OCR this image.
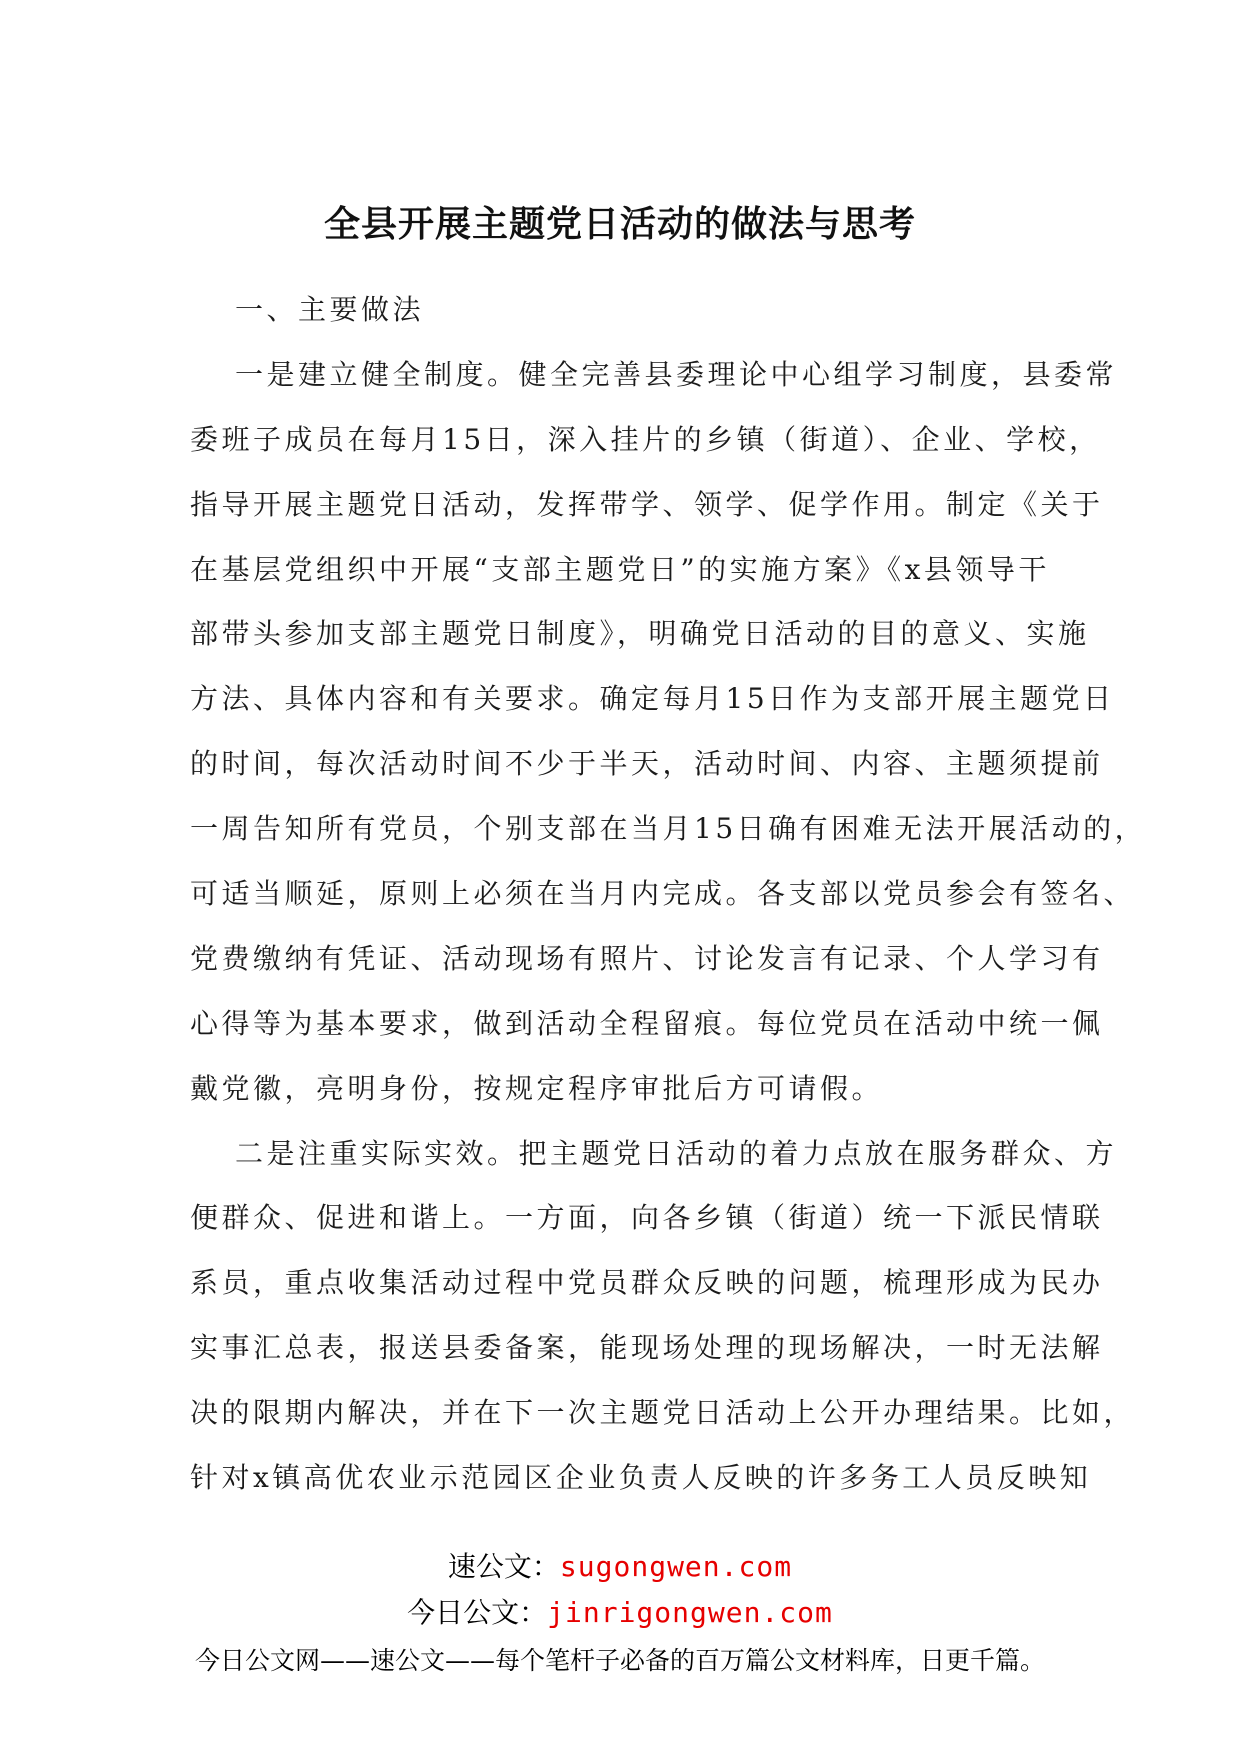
全县开展主题党日活动的做法与思考
一、主要做法
一是建立健全制度。健全完善县委理论中心组学习制度，县委常
委班子成员在每月15日，深入挂片的乡镇（街道）、企业、学校，
指导开展主题党日活动，发挥带学、领学、促学作用。制定《关于
在基层党组织中开展“支部主题党日”的实施方案》《x县领导干
部带头参加支部主题党日制度》，明确党日活动的目的意义、实施
方法、具体内容和有关要求。确定每月15日作为支部开展主题党日
的时间，每次活动时间不少于半天，活动时间、内容、主题须提前
一周告知所有党员，个别支部在当月15日确有困难无法开展活动的，
可适当顺延，原则上必须在当月内完成。各支部以党员参会有签名、
党费缴纳有凭证、活动现场有照片、讨论发言有记录、个人学习有
心得等为基本要求，做到活动全程留痕。每位党员在活动中统一佩
戴党徽，亮明身份，按规定程序审批后方可请假。
二是注重实际实效。把主题党日活动的着力点放在服务群众、方
便群众、促进和谐上。一方面，向各乡镇（街道）统一下派民情联
系员，重点收集活动过程中党员群众反映的问题，梳理形成为民办
实事汇总表，报送县委备案，能现场处理的现场解决，一时无法解
决的限期内解决，并在下一次主题党日活动上公开办理结果。比如，
针对x镇高优农业示范园区企业负责人反映的许多务工人员反映知
速公文：sugongwen.com
今日公文：jinrigongwen.com
今日公文网——速公文——每个笔杆子必备的百万篇公文材料库，日更千篇。
